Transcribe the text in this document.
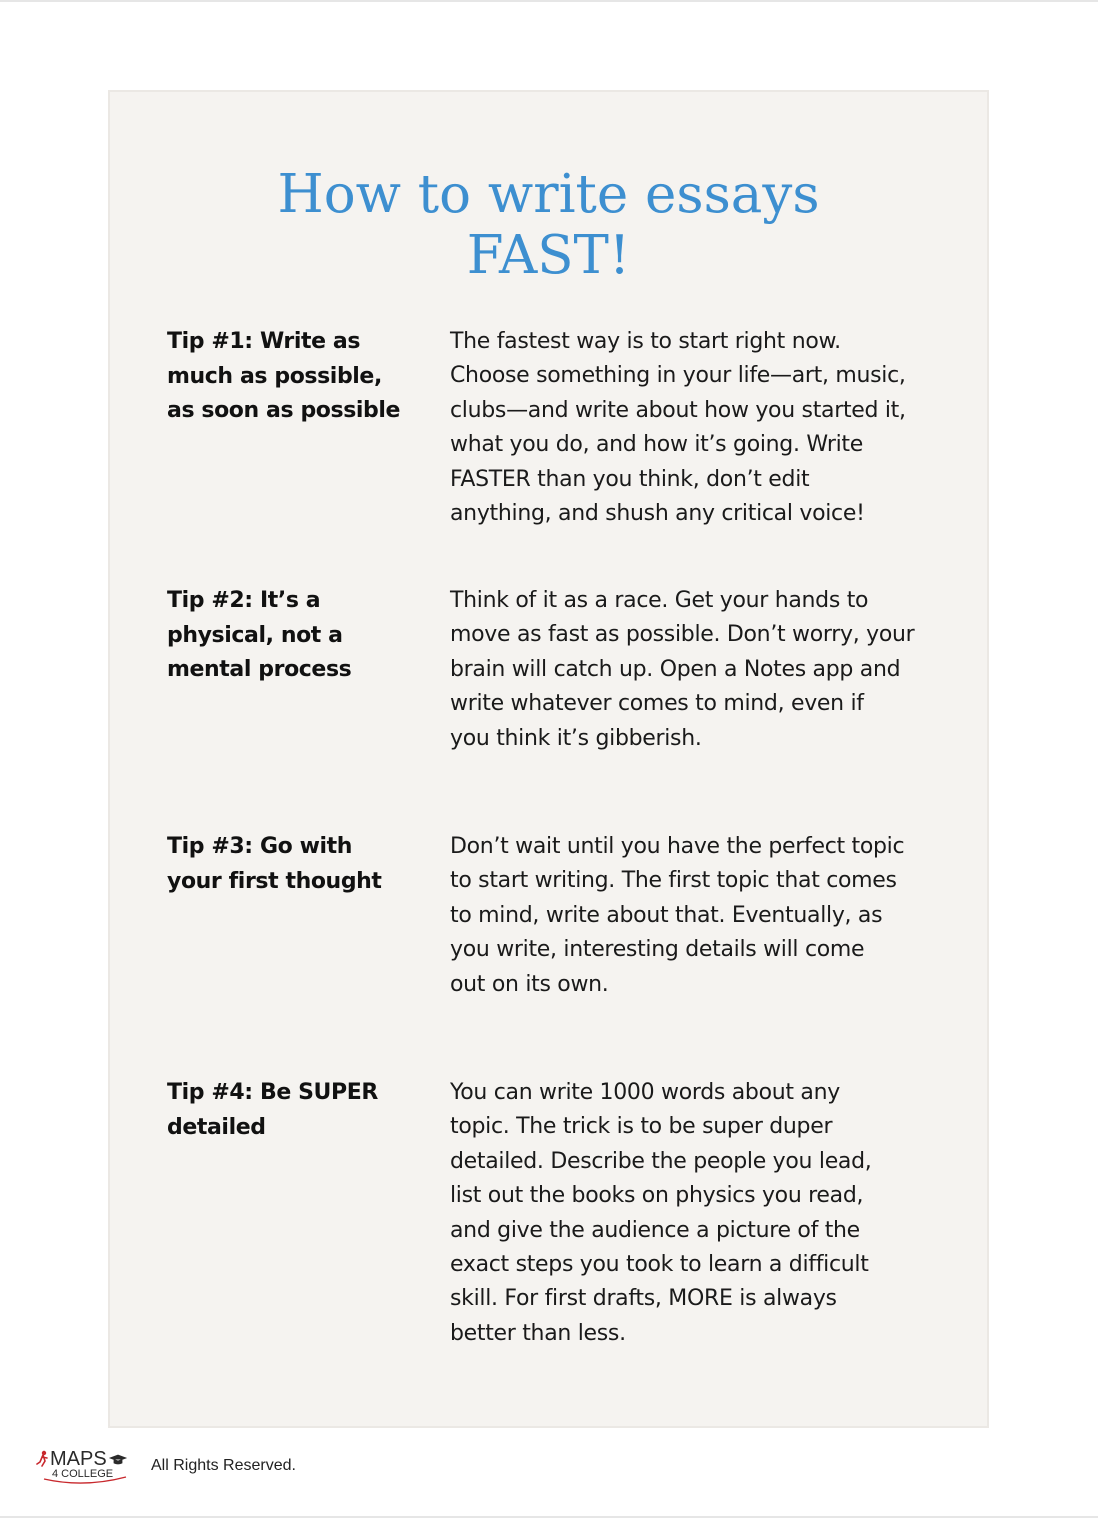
How to write essays
FAST!
Tip #1: Write as
much as possible,
as soon as possible
The fastest way is to start right now.
Choose something in your life—art, music,
clubs—and write about how you started it,
what you do, and how it’s going. Write
FASTER than you think, don’t edit
anything, and shush any critical voice!
Tip #2: It’s a
physical, not a
mental process
Think of it as a race. Get your hands to
move as fast as possible. Don’t worry, your
brain will catch up. Open a Notes app and
write whatever comes to mind, even if
you think it’s gibberish.
Tip #3: Go with
your first thought
Don’t wait until you have the perfect topic
to start writing. The first topic that comes
to mind, write about that. Eventually, as
you write, interesting details will come
out on its own.
Tip #4: Be SUPER
detailed
You can write 1000 words about any
topic. The trick is to be super duper
detailed. Describe the people you lead,
list out the books on physics you read,
and give the audience a picture of the
exact steps you took to learn a difficult
skill. For first drafts, MORE is always
better than less.
MAPS
4 COLLEGE All Rights Reserved.
